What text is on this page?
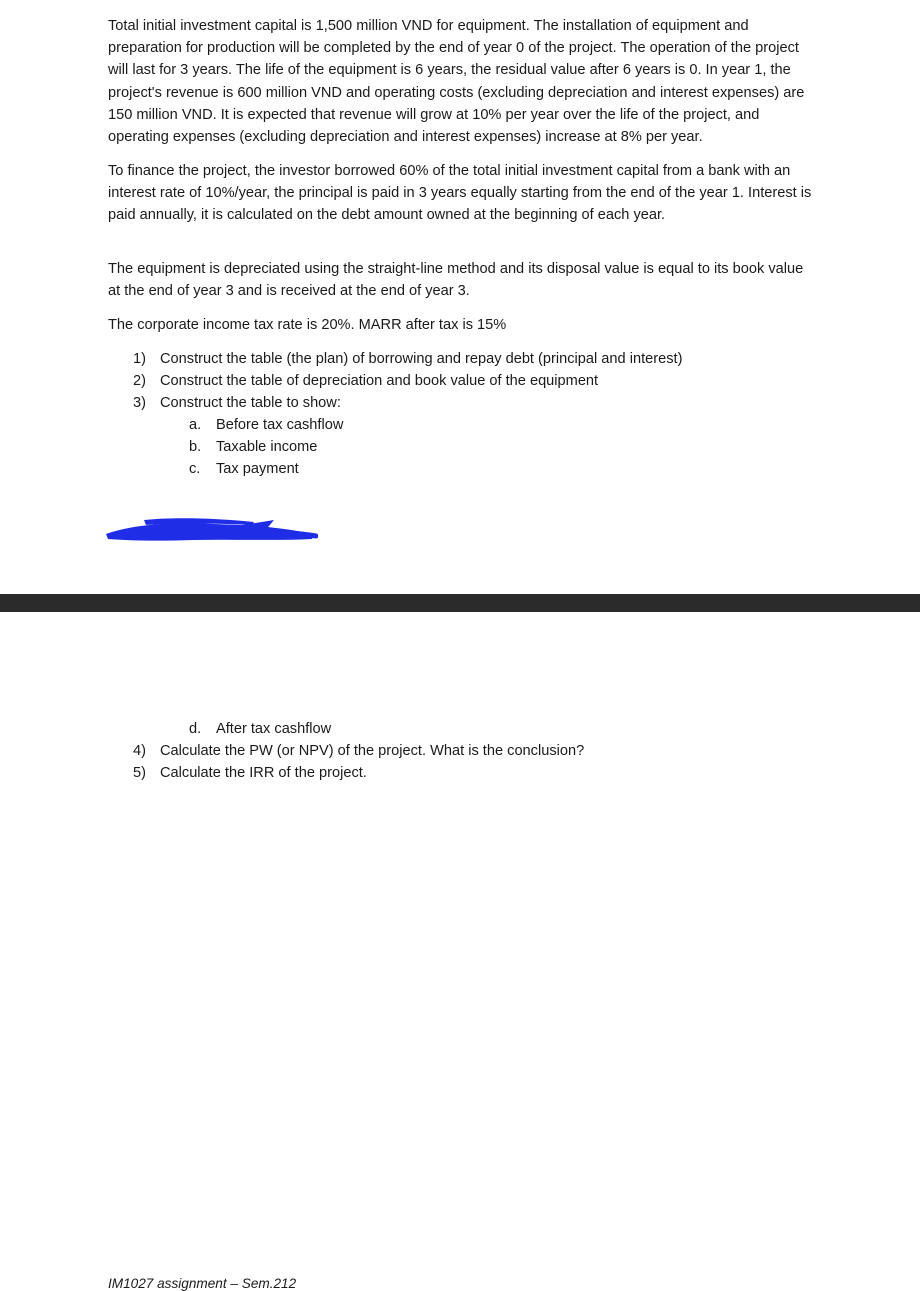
Total initial investment capital is 1,500 million VND for equipment. The installation of equipment and preparation for production will be completed by the end of year 0 of the project. The operation of the project will last for 3 years. The life of the equipment is 6 years, the residual value after 6 years is 0. In year 1, the project's revenue is 600 million VND and operating costs (excluding depreciation and interest expenses) are 150 million VND. It is expected that revenue will grow at 10% per year over the life of the project, and operating expenses (excluding depreciation and interest expenses) increase at 8% per year.

To finance the project, the investor borrowed 60% of the total initial investment capital from a bank with an interest rate of 10%/year, the principal is paid in 3 years equally starting from the end of the year 1. Interest is paid annually, it is calculated on the debt amount owned at the beginning of each year.

The equipment is depreciated using the straight-line method and its disposal value is equal to its book value at the end of year 3 and is received at the end of year 3.

The corporate income tax rate is 20%. MARR after tax is 15%

1) Construct the table (the plan) of borrowing and repay debt (principal and interest)
2) Construct the table of depreciation and book value of the equipment
3) Construct the table to show:
a. Before tax cashflow
b. Taxable income
c. Tax payment
IM1027 assignment – Sem.212
d. After tax cashflow
4) Calculate the PW (or NPV) of the project. What is the conclusion?
5) Calculate the IRR of the project.
